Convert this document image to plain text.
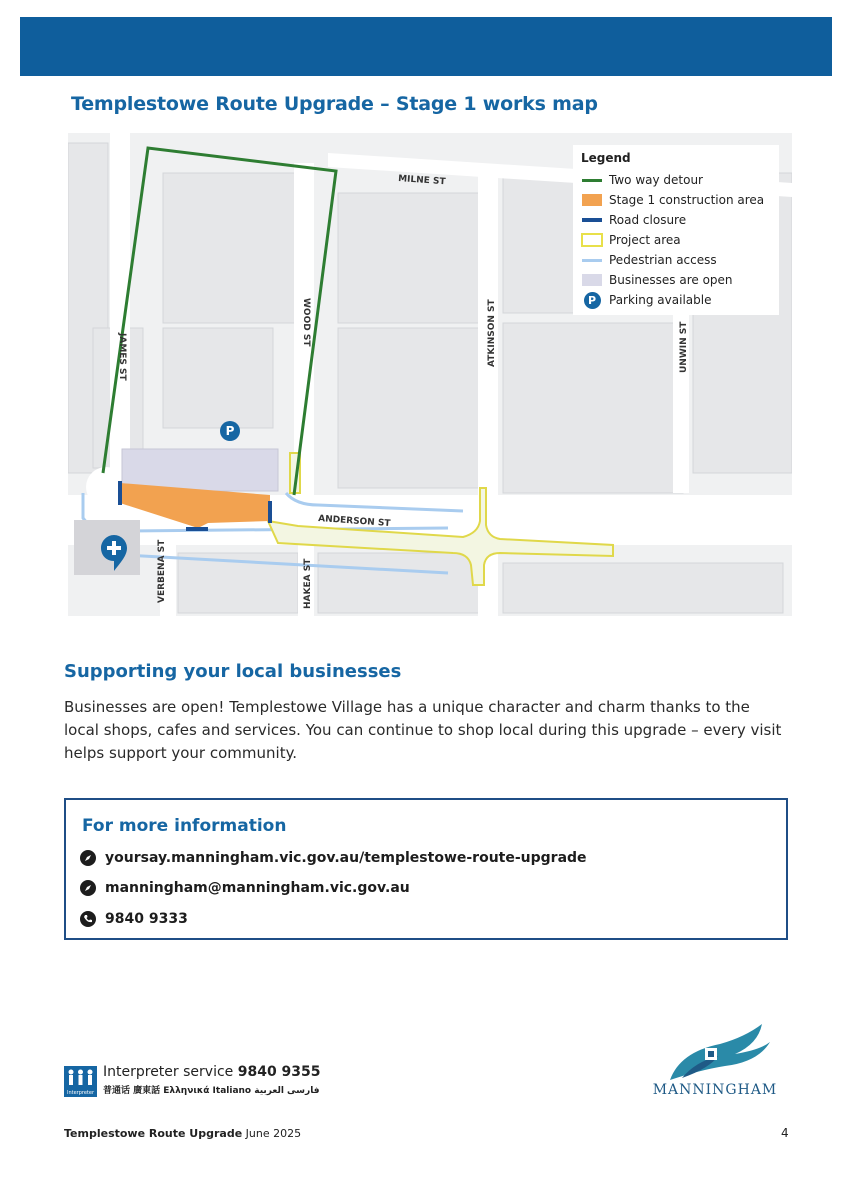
Templestowe Route Upgrade – Stage 1 works map
P
MILNE ST
JAMES ST
WOOD ST	ATKINSON ST	UNWIN ST
ANDERSON ST
VERBENA ST	HAKEA ST

Legend

Two way detour
Stage 1 construction area
Road closure
Project area
Pedestrian access
Businesses are open
P	Parking available
Supporting your local businesses

Businesses are open! Templestowe Village has a unique character and charm thanks to the local shops, cafes and services. You can continue to shop local during this upgrade – every visit helps support your community.

For more information
yoursay.manningham.vic.gov.au/templestowe-route-upgrade
manningham@manningham.vic.gov.au
9840 9333
Interpreter
Interpreter service 9840 9355
普通话 廣東話 Ελληνικά Italiano فارسی العربية	MANNINGHAM
Templestowe Route Upgrade June 2025	4
